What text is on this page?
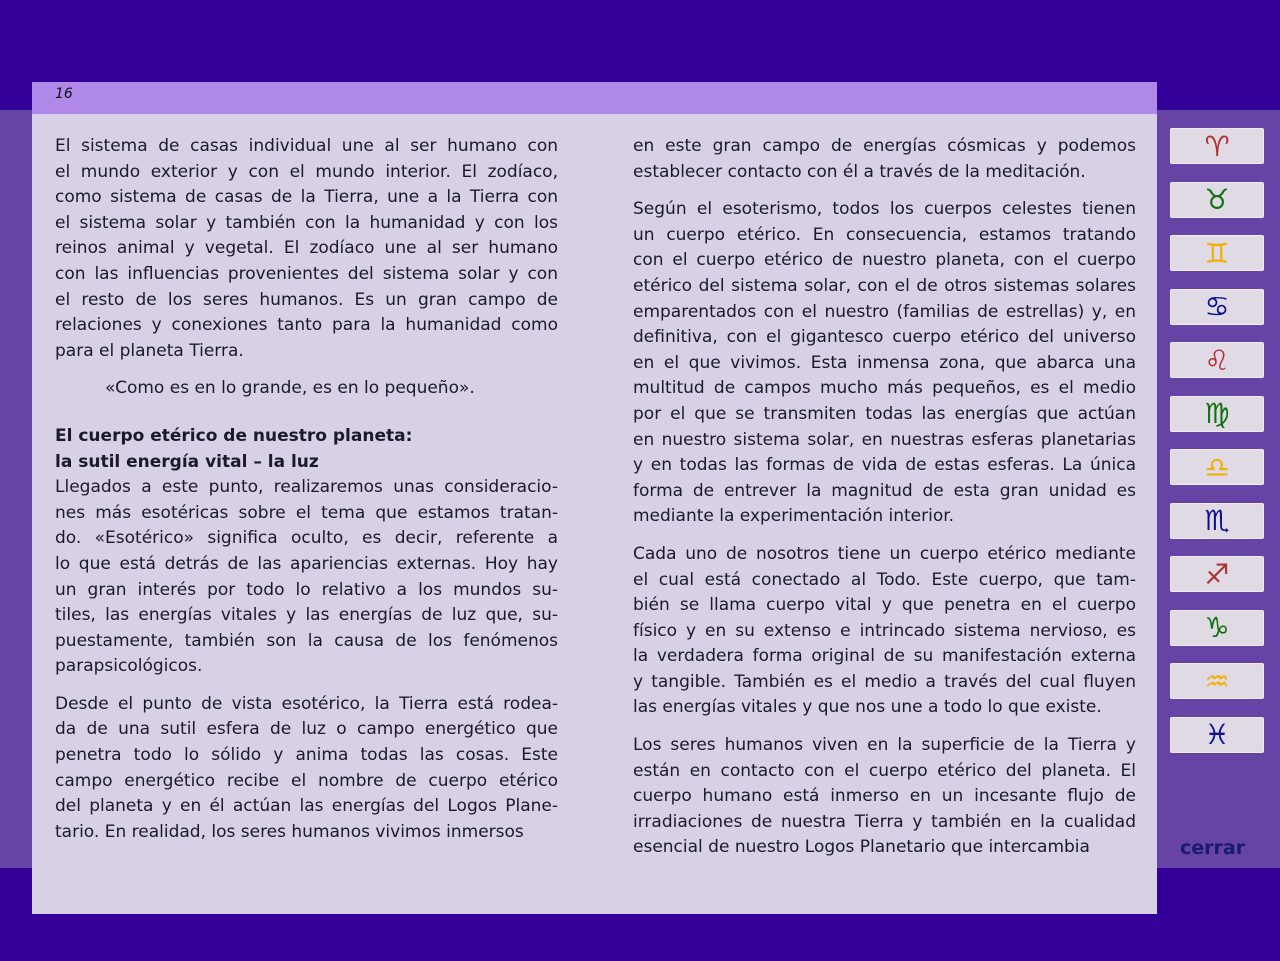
16
El sistema de casas individual une al ser humano con
el mundo exterior y con el mundo interior. El zodíaco,
como sistema de casas de la Tierra, une a la Tierra con
el sistema solar y también con la humanidad y con los
reinos animal y vegetal. El zodíaco une al ser humano
con las influencias provenientes del sistema solar y con
el resto de los seres humanos. Es un gran campo de
relaciones y conexiones tanto para la humanidad como
para el planeta Tierra.
«Como es en lo grande, es en lo pequeño».
El cuerpo etérico de nuestro planeta:
la sutil energía vital – la luz
Llegados a este punto, realizaremos unas consideracio-
nes más esotéricas sobre el tema que estamos tratan-
do. «Esotérico» significa oculto, es decir, referente a
lo que está detrás de las apariencias externas. Hoy hay
un gran interés por todo lo relativo a los mundos su-
tiles, las energías vitales y las energías de luz que, su-
puestamente, también son la causa de los fenómenos
parapsicológicos.
Desde el punto de vista esotérico, la Tierra está rodea-
da de una sutil esfera de luz o campo energético que
penetra todo lo sólido y anima todas las cosas. Este
campo energético recibe el nombre de cuerpo etérico
del planeta y en él actúan las energías del Logos Plane-
tario. En realidad, los seres humanos vivimos inmersos
en este gran campo de energías cósmicas y podemos
establecer contacto con él a través de la meditación.
Según el esoterismo, todos los cuerpos celestes tienen
un cuerpo etérico. En consecuencia, estamos tratando
con el cuerpo etérico de nuestro planeta, con el cuerpo
etérico del sistema solar, con el de otros sistemas solares
emparentados con el nuestro (familias de estrellas) y, en
definitiva, con el gigantesco cuerpo etérico del universo
en el que vivimos. Esta inmensa zona, que abarca una
multitud de campos mucho más pequeños, es el medio
por el que se transmiten todas las energías que actúan
en nuestro sistema solar, en nuestras esferas planetarias
y en todas las formas de vida de estas esferas. La única
forma de entrever la magnitud de esta gran unidad es
mediante la experimentación interior.
Cada uno de nosotros tiene un cuerpo etérico mediante
el cual está conectado al Todo. Este cuerpo, que tam-
bién se llama cuerpo vital y que penetra en el cuerpo
físico y en su extenso e intrincado sistema nervioso, es
la verdadera forma original de su manifestación externa
y tangible. También es el medio a través del cual fluyen
las energías vitales y que nos une a todo lo que existe.
Los seres humanos viven en la superficie de la Tierra y
están en contacto con el cuerpo etérico del planeta. El
cuerpo humano está inmerso en un incesante flujo de
irradiaciones de nuestra Tierra y también en la cualidad
esencial de nuestro Logos Planetario que intercambia
♈︎
♉︎
♊︎
♋︎
♌︎
♍︎
♎︎
♏︎
♐︎
♑︎
♒︎
♓︎
cerrar
